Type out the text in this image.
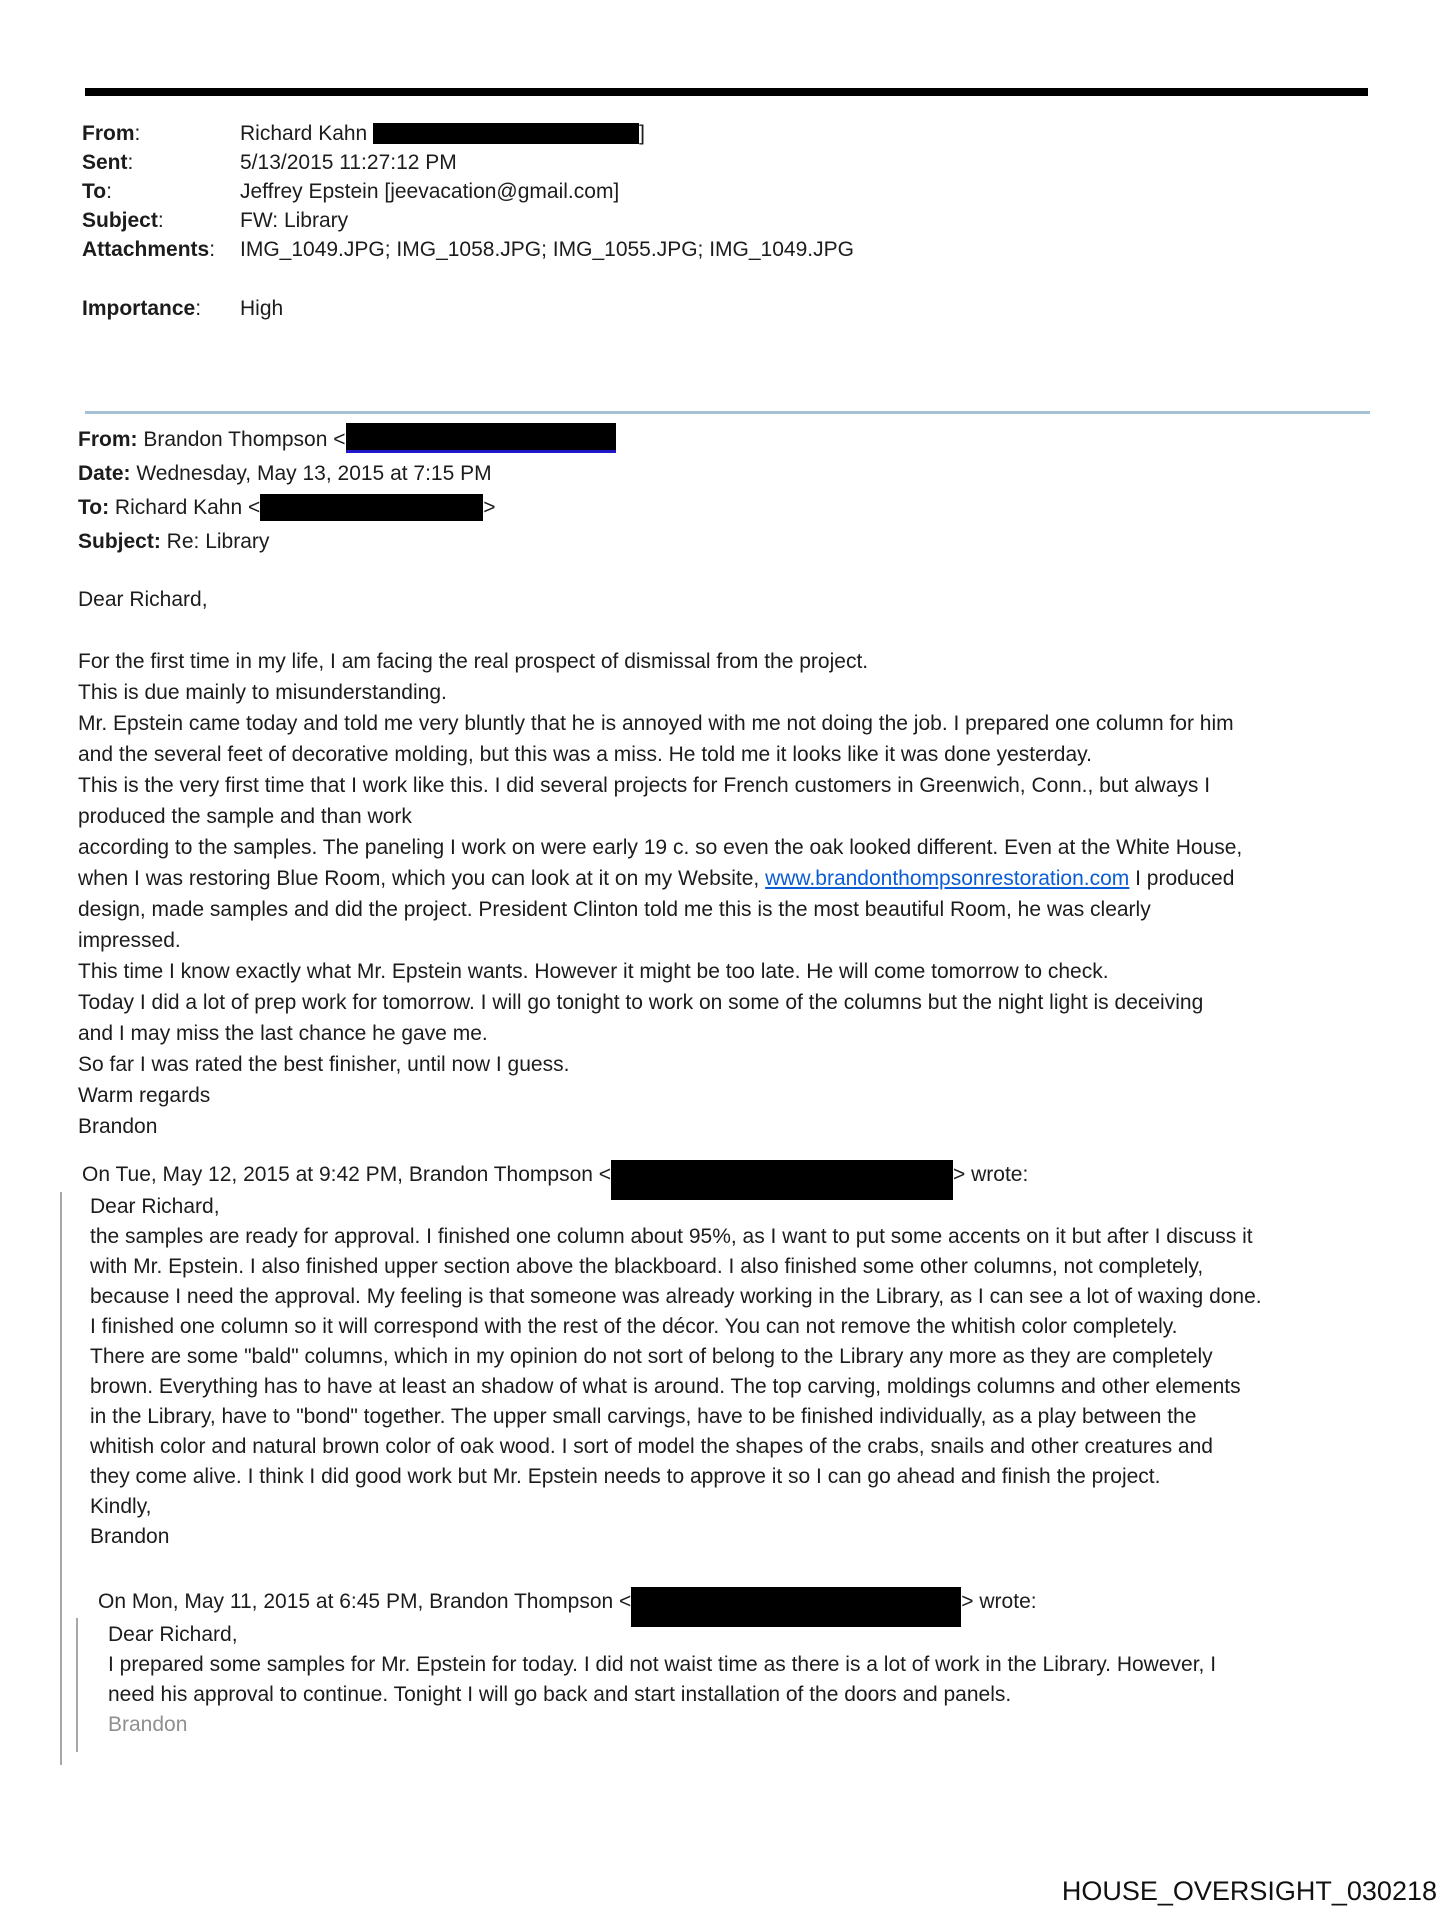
From:	Richard Kahn	]
Sent:	5/13/2015 11:27:12 PM
To:	Jeffrey Epstein [jeevacation@gmail.com]
Subject:	FW: Library
Attachments:	IMG_1049.JPG; IMG_1058.JPG; IMG_1055.JPG; IMG_1049.JPG
Importance:	High
From: Brandon Thompson <
Date: Wednesday, May 13, 2015 at 7:15 PM
To: Richard Kahn <	>
Subject: Re: Library
Dear Richard,
For the first time in my life, I am facing the real prospect of dismissal from the project.
This is due mainly to misunderstanding.
Mr. Epstein came today and told me very bluntly that he is annoyed with me not doing the job. I prepared one column for him
and the several feet of decorative molding, but this was a miss. He told me it looks like it was done yesterday.
This is the very first time that I work like this. I did several projects for French customers in Greenwich, Conn., but always I
produced the sample and than work
according to the samples. The paneling I work on were early 19 c. so even the oak looked different. Even at the White House,
when I was restoring Blue Room, which you can look at it on my Website, www.brandonthompsonrestoration.com I produced
design, made samples and did the project. President Clinton told me this is the most beautiful Room, he was clearly
impressed.
This time I know exactly what Mr. Epstein wants. However it might be too late. He will come tomorrow to check.
Today I did a lot of prep work for tomorrow. I will go tonight to work on some of the columns but the night light is deceiving
and I may miss the last chance he gave me.
So far I was rated the best finisher, until now I guess.
Warm regards
Brandon
On Tue, May 12, 2015 at 9:42 PM, Brandon Thompson <	> wrote:
Dear Richard,
the samples are ready for approval. I finished one column about 95%, as I want to put some accents on it but after I discuss it
with Mr. Epstein. I also finished upper section above the blackboard. I also finished some other columns, not completely,
because I need the approval. My feeling is that someone was already working in the Library, as I can see a lot of waxing done.
I finished one column so it will correspond with the rest of the décor. You can not remove the whitish color completely.
There are some "bald" columns, which in my opinion do not sort of belong to the Library any more as they are completely
brown. Everything has to have at least an shadow of what is around. The top carving, moldings columns and other elements
in the Library, have to "bond" together. The upper small carvings, have to be finished individually, as a play between the
whitish color and natural brown color of oak wood. I sort of model the shapes of the crabs, snails and other creatures and
they come alive. I think I did good work but Mr. Epstein needs to approve it so I can go ahead and finish the project.
Kindly,
Brandon
On Mon, May 11, 2015 at 6:45 PM, Brandon Thompson <	> wrote:
Dear Richard,
I prepared some samples for Mr. Epstein for today. I did not waist time as there is a lot of work in the Library. However, I
need his approval to continue. Tonight I will go back and start installation of the doors and panels.
Brandon
HOUSE_OVERSIGHT_030218
